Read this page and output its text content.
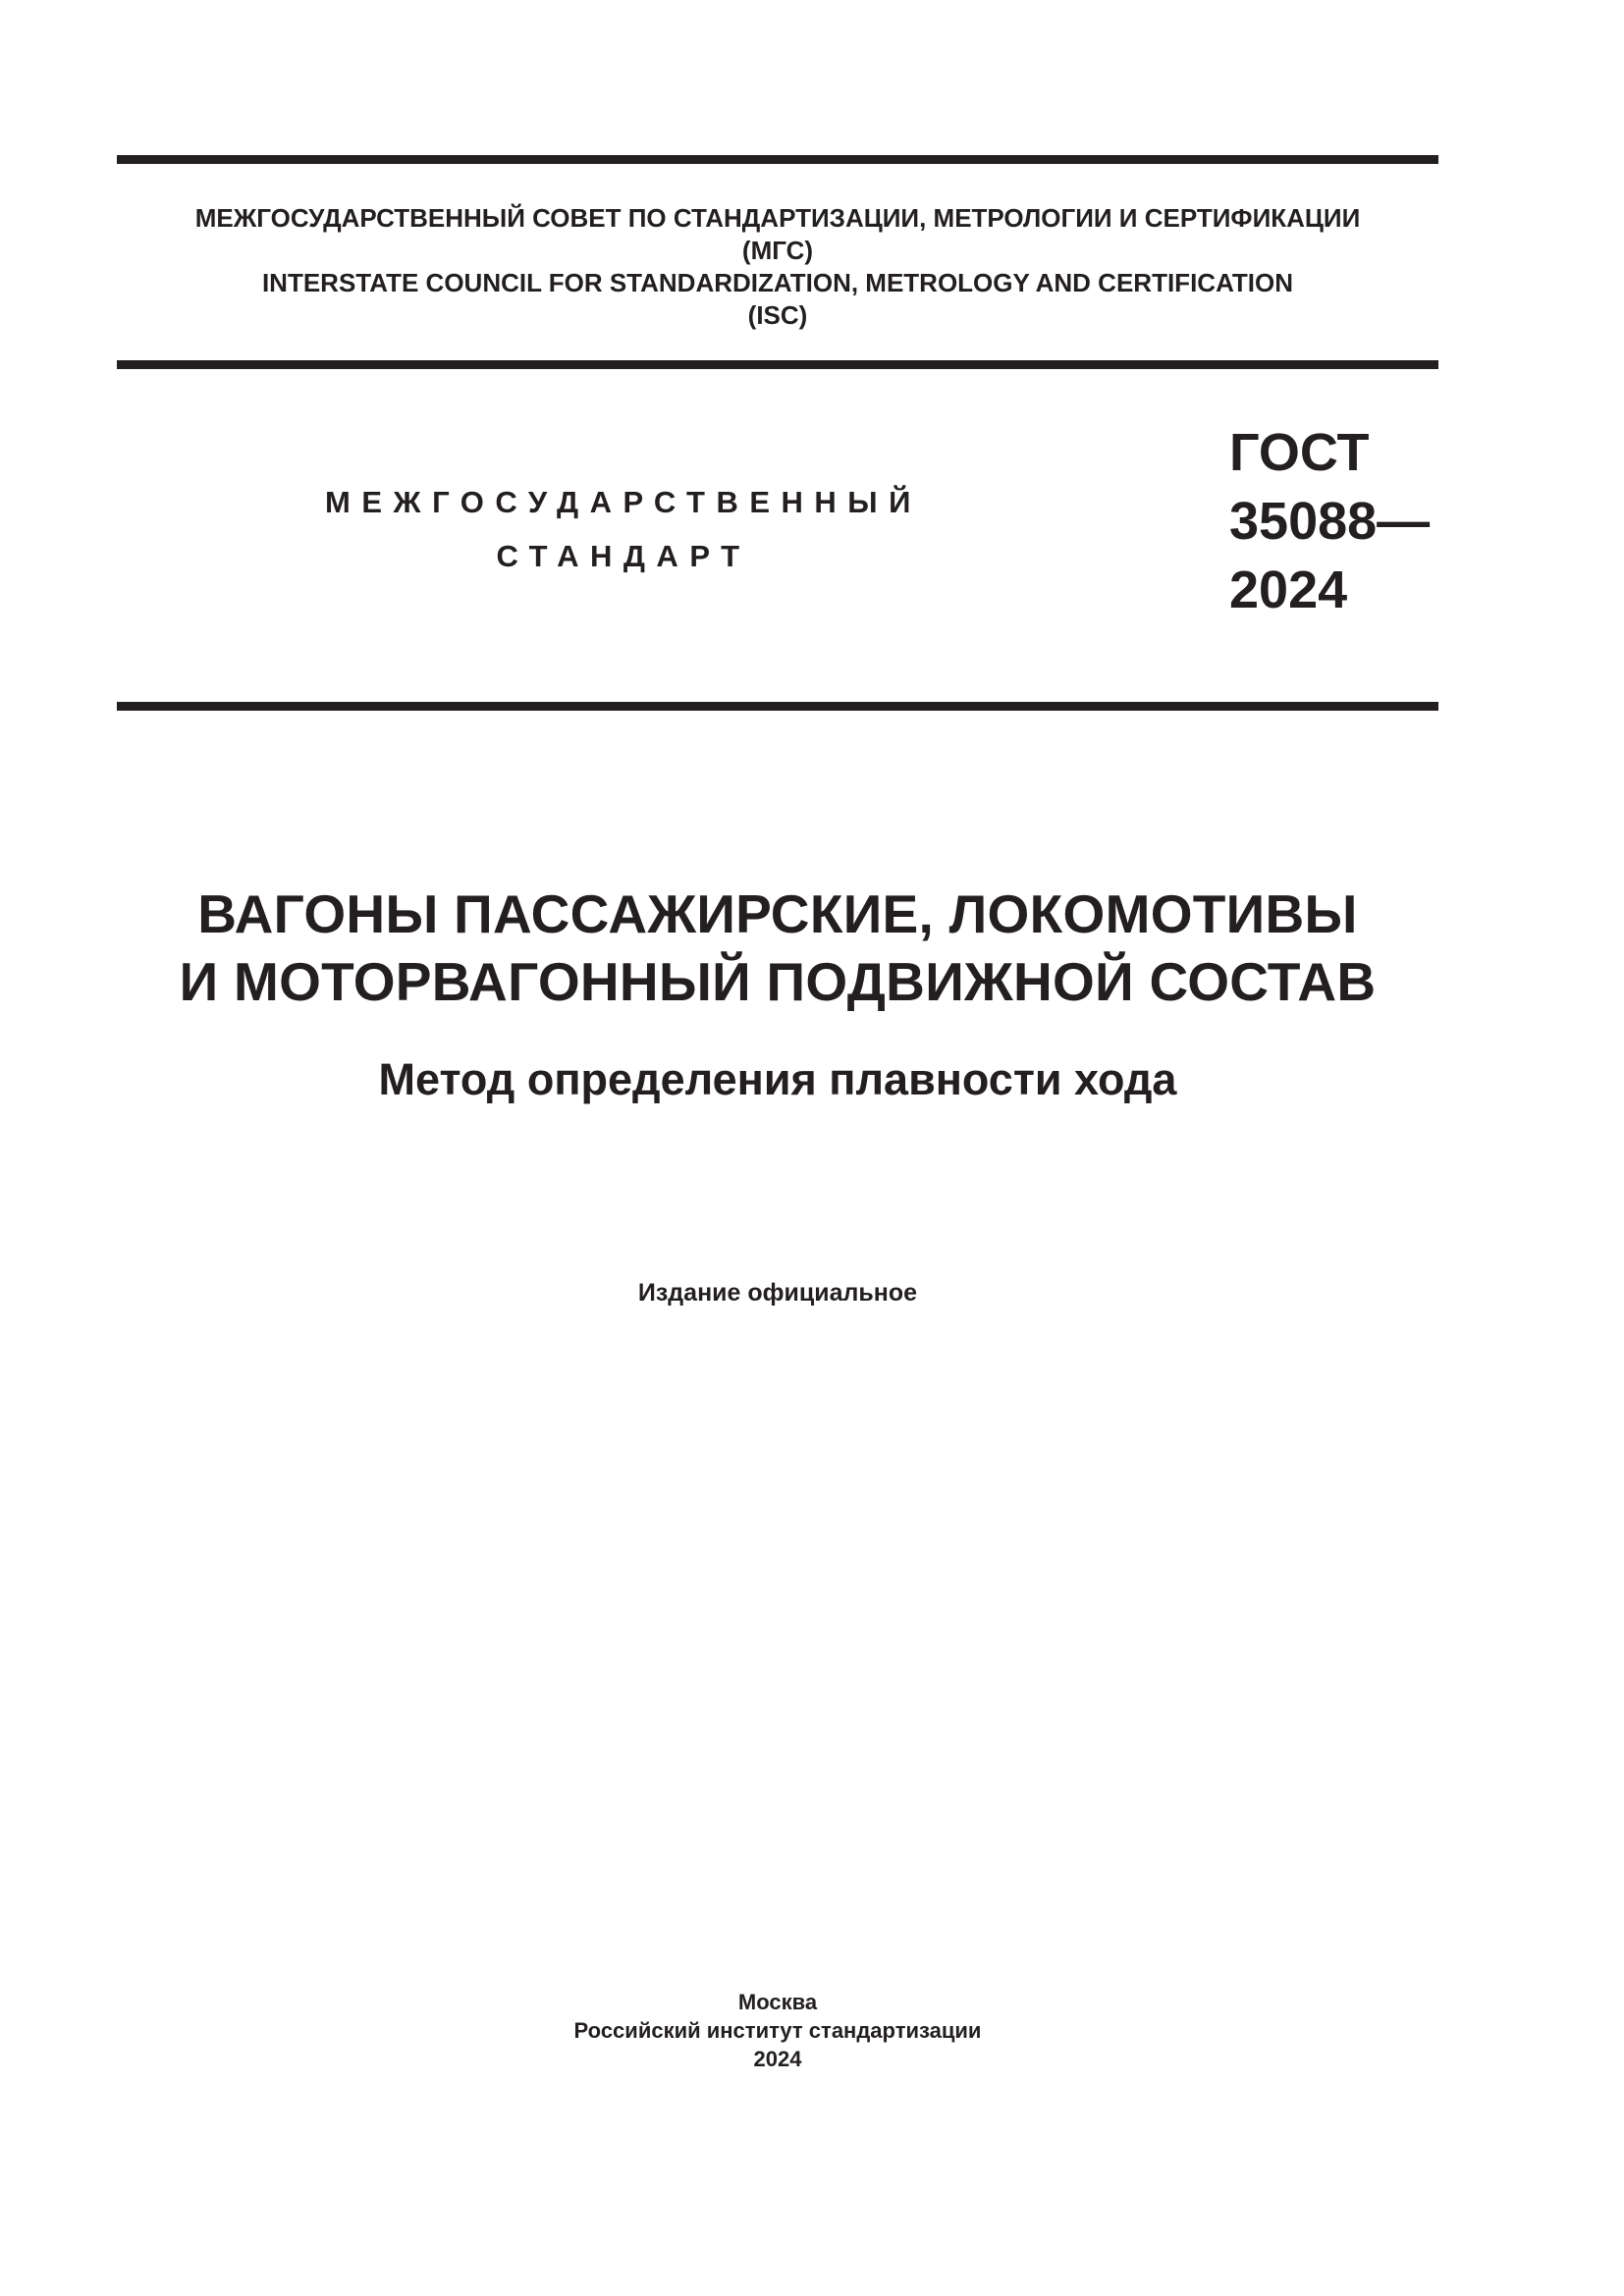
МЕЖГОСУДАРСТВЕННЫЙ СОВЕТ ПО СТАНДАРТИЗАЦИИ, МЕТРОЛОГИИ И СЕРТИФИКАЦИИ
(МГС)
INTERSTATE COUNCIL FOR STANDARDIZATION, METROLOGY AND CERTIFICATION
(ISC)
МЕЖГОСУДАРСТВЕННЫЙ
СТАНДАРТ
ГОСТ
35088—
2024
ВАГОНЫ ПАССАЖИРСКИЕ, ЛОКОМОТИВЫ
И МОТОРВАГОННЫЙ ПОДВИЖНОЙ СОСТАВ
Метод определения плавности хода
Издание официальное
Москва
Российский институт стандартизации
2024
